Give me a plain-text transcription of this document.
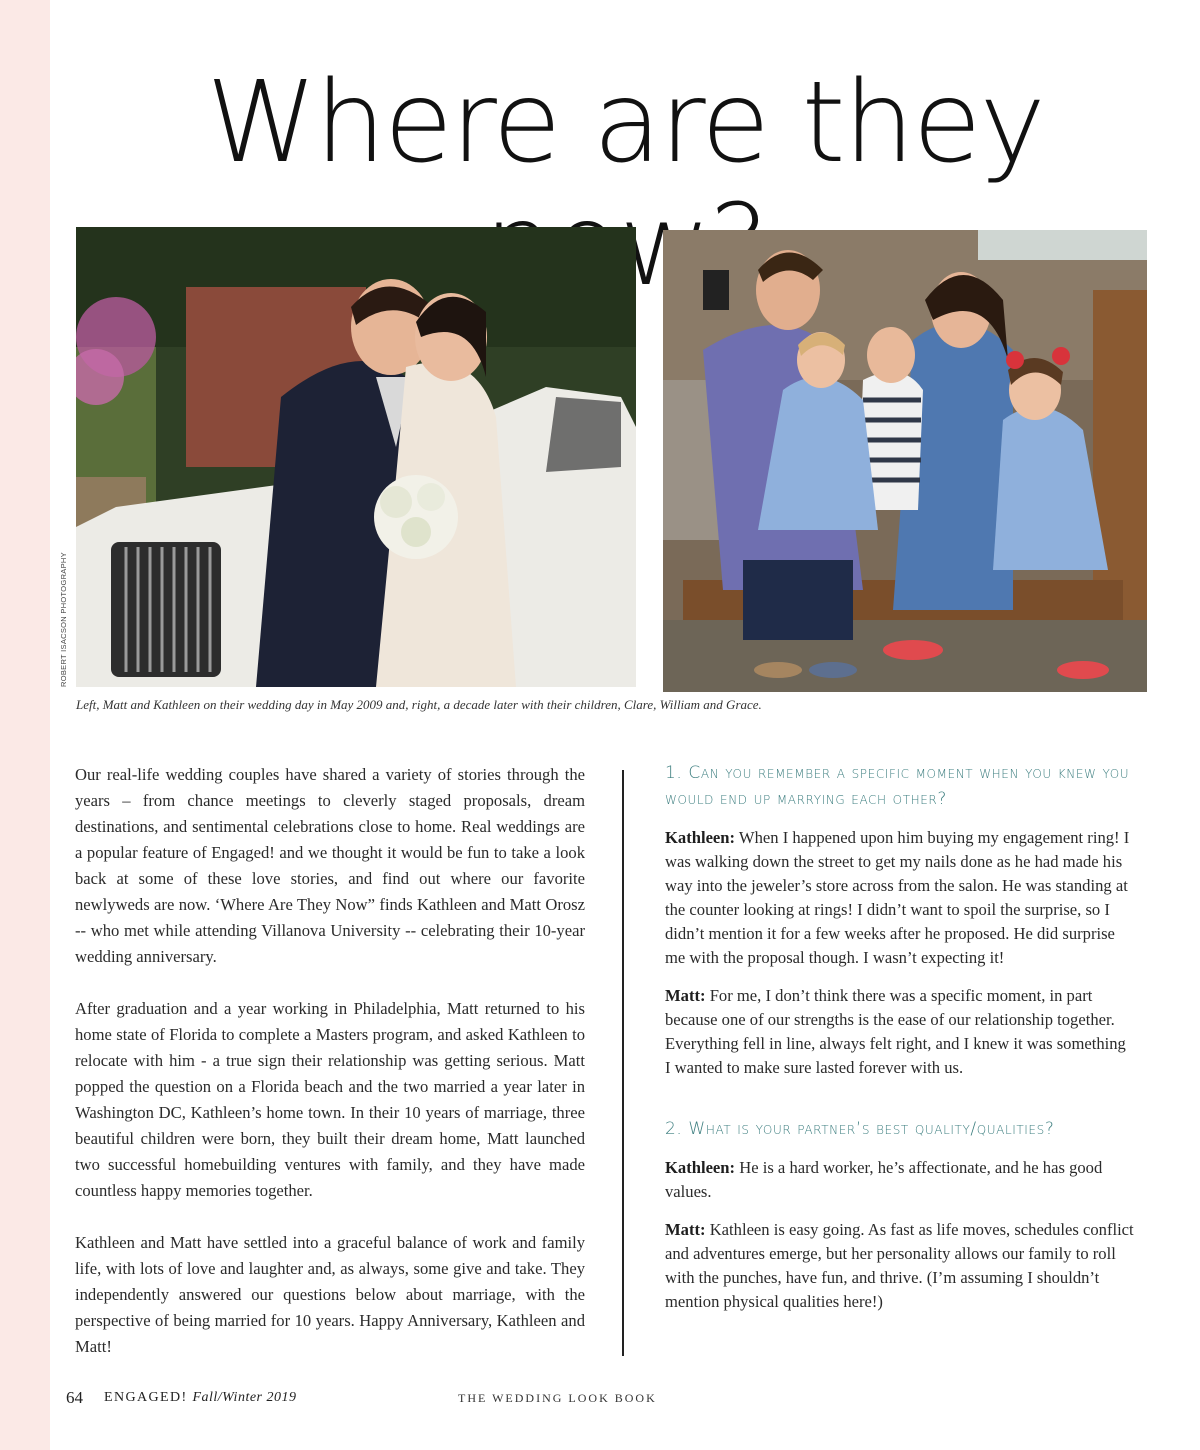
Where are they
ROBERT ISACSON PHOTOGRAPHY

Left, Matt and Kathleen on their wedding day in May 2009 and, right, a decade later with their children, Clare, William and Grace.

Our real-life wedding couples have shared a variety of stories through the years – from chance meetings to cleverly staged proposals, dream destinations, and sentimental celebrations close to home. Real weddings are a popular feature of Engaged! and we thought it would be fun to take a look back at some of these love stories, and find out where our favorite newlyweds are now. ‘Where Are They Now” finds Kathleen and Matt Orosz -- who met while attending Villanova University -- celebrating their 10-year wedding anniversary.

After graduation and a year working in Philadelphia, Matt returned to his home state of Florida to complete a Masters program, and asked Kathleen to relocate with him - a true sign their relationship was getting serious. Matt popped the question on a Florida beach and the two married a year later in Washington DC, Kathleen’s home town. In their 10 years of marriage, three beautiful children were born, they built their dream home, Matt launched two successful homebuilding ventures with family, and they have made countless happy memories together.

Kathleen and Matt have settled into a graceful balance of work and family life, with lots of love and laughter and, as always, some give and take. They independently answered our questions below about marriage, with the perspective of being married for 10 years. Happy Anniversary, Kathleen and Matt!

1. Can you remember a specific moment when you knew you would end up marrying each other?

Kathleen: When I happened upon him buying my engagement ring! I was walking down the street to get my nails done as he had made his way into the jeweler’s store across from the salon. He was standing at the counter looking at rings! I didn’t want to spoil the surprise, so I didn’t mention it for a few weeks after he proposed. He did surprise me with the proposal though. I wasn’t expecting it!

Matt: For me, I don’t think there was a specific moment, in part because one of our strengths is the ease of our relationship together. Everything fell in line, always felt right, and I knew it was something I wanted to make sure lasted forever with us.

2. What is your partner’s best quality/qualities?

Kathleen: He is a hard worker, he’s affectionate, and he has good values.

Matt: Kathleen is easy going. As fast as life moves, schedules conflict and adventures emerge, but her personality allows our family to roll with the punches, have fun, and thrive. (I’m assuming I shouldn’t mention physical qualities here!)

64 ENGAGED! Fall/Winter 2019	THE WEDDING LOOK BOOK
